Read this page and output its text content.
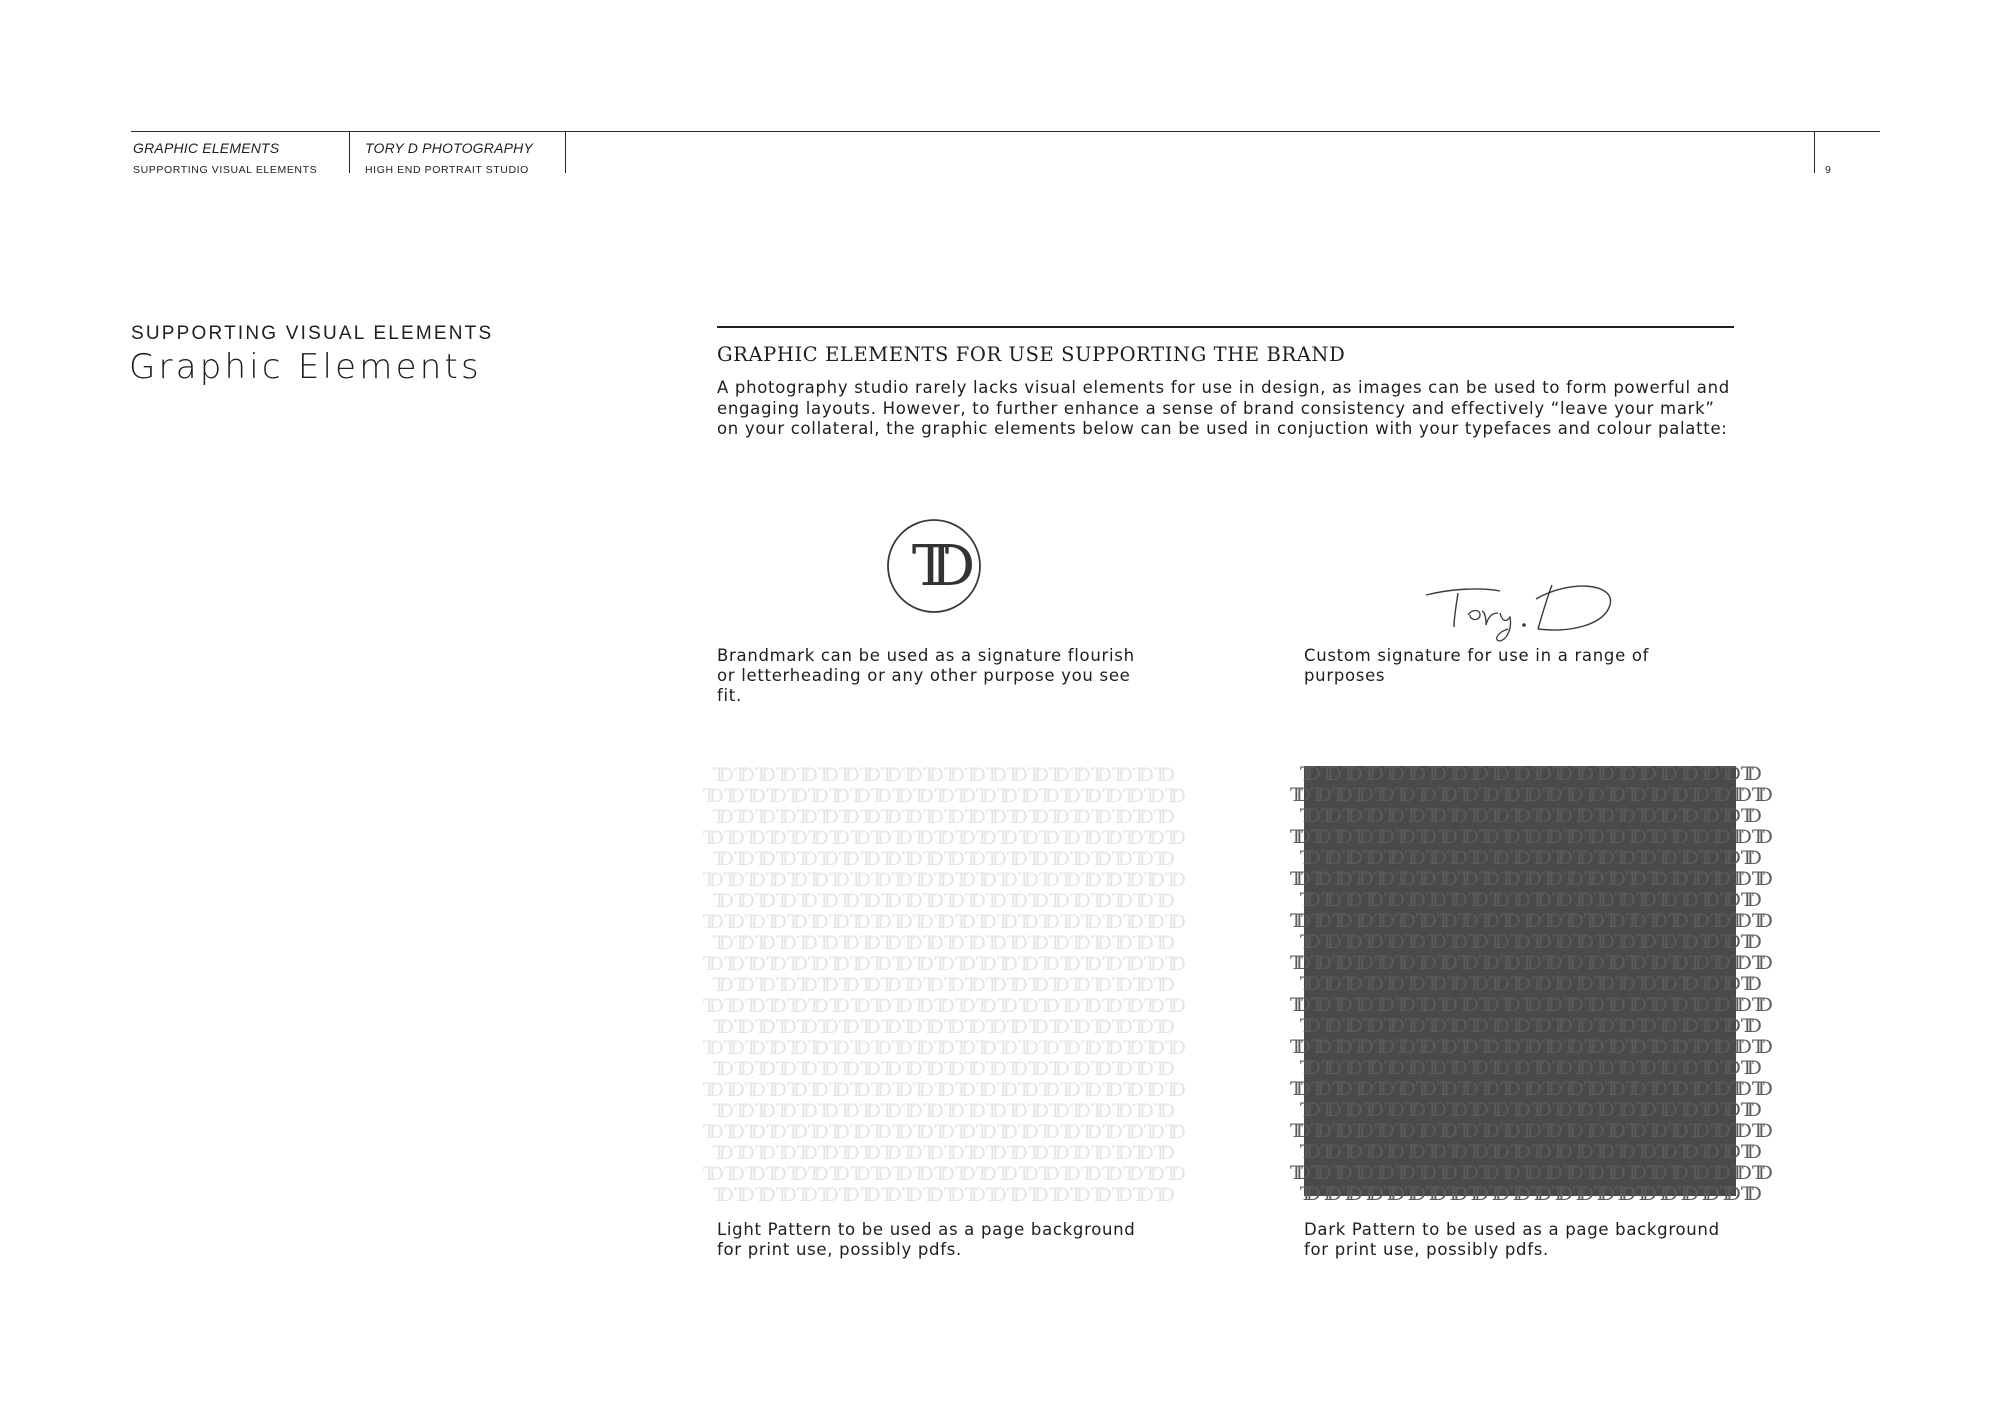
GRAPHIC ELEMENTS
SUPPORTING VISUAL ELEMENTS
TORY D PHOTOGRAPHY
HIGH END PORTRAIT STUDIO	9
SUPPORTING VISUAL ELEMENTS
Graphic Elements	GRAPHIC ELEMENTS FOR USE SUPPORTING THE BRAND
A photography studio rarely lacks visual elements for use in design, as images can be used to form powerful and engaging layouts. However, to further enhance a sense of brand consistency and effectively “leave your mark” on your collateral, the graphic elements below can be used in conjuction with your typefaces and colour palatte:
TD
Brandmark can be used as a signature flourish or letterheading or any other purpose you see fit.
Custom signature for use in a range of purposes
TD TD TD TD TD TD TD TD TD TD TD TD TD TD TD TD TD TD TD TD TD TD
TD TD TD TD TD TD TD TD TD TD TD TD TD TD TD TD TD TD TD TD TD TD TD
TD TD TD TD TD TD TD TD TD TD TD TD TD TD TD TD TD TD TD TD TD TD
TD TD TD TD TD TD TD TD TD TD TD TD TD TD TD TD TD TD TD TD TD TD TD
TD TD TD TD TD TD TD TD TD TD TD TD TD TD TD TD TD TD TD TD TD TD
TD TD TD TD TD TD TD TD TD TD TD TD TD TD TD TD TD TD TD TD TD TD TD
TD TD TD TD TD TD TD TD TD TD TD TD TD TD TD TD TD TD TD TD TD TD
TD TD TD TD TD TD TD TD TD TD TD TD TD TD TD TD TD TD TD TD TD TD TD
TD TD TD TD TD TD TD TD TD TD TD TD TD TD TD TD TD TD TD TD TD TD
TD TD TD TD TD TD TD TD TD TD TD TD TD TD TD TD TD TD TD TD TD TD TD
TD TD TD TD TD TD TD TD TD TD TD TD TD TD TD TD TD TD TD TD TD TD
TD TD TD TD TD TD TD TD TD TD TD TD TD TD TD TD TD TD TD TD TD TD TD
TD TD TD TD TD TD TD TD TD TD TD TD TD TD TD TD TD TD TD TD TD TD
TD TD TD TD TD TD TD TD TD TD TD TD TD TD TD TD TD TD TD TD TD TD TD
TD TD TD TD TD TD TD TD TD TD TD TD TD TD TD TD TD TD TD TD TD TD
TD TD TD TD TD TD TD TD TD TD TD TD TD TD TD TD TD TD TD TD TD TD TD
TD TD TD TD TD TD TD TD TD TD TD TD TD TD TD TD TD TD TD TD TD TD
TD TD TD TD TD TD TD TD TD TD TD TD TD TD TD TD TD TD TD TD TD TD TD
TD TD TD TD TD TD TD TD TD TD TD TD TD TD TD TD TD TD TD TD TD TD
TD TD TD TD TD TD TD TD TD TD TD TD TD TD TD TD TD TD TD TD TD TD TD
TD TD TD TD TD TD TD TD TD TD TD TD TD TD TD TD TD TD TD TD TD TD
Light Pattern to be used as a page background for print use, possibly pdfs.
TD TD TD TD TD TD TD TD TD TD TD TD TD TD TD TD TD TD TD TD TD TD
TD TD TD TD TD TD TD TD TD TD TD TD TD TD TD TD TD TD TD TD TD TD TD
TD TD TD TD TD TD TD TD TD TD TD TD TD TD TD TD TD TD TD TD TD TD
TD TD TD TD TD TD TD TD TD TD TD TD TD TD TD TD TD TD TD TD TD TD TD
TD TD TD TD TD TD TD TD TD TD TD TD TD TD TD TD TD TD TD TD TD TD
TD TD TD TD TD TD TD TD TD TD TD TD TD TD TD TD TD TD TD TD TD TD TD
TD TD TD TD TD TD TD TD TD TD TD TD TD TD TD TD TD TD TD TD TD TD
TD TD TD TD TD TD TD TD TD TD TD TD TD TD TD TD TD TD TD TD TD TD TD
TD TD TD TD TD TD TD TD TD TD TD TD TD TD TD TD TD TD TD TD TD TD
TD TD TD TD TD TD TD TD TD TD TD TD TD TD TD TD TD TD TD TD TD TD TD
TD TD TD TD TD TD TD TD TD TD TD TD TD TD TD TD TD TD TD TD TD TD
TD TD TD TD TD TD TD TD TD TD TD TD TD TD TD TD TD TD TD TD TD TD TD
TD TD TD TD TD TD TD TD TD TD TD TD TD TD TD TD TD TD TD TD TD TD
TD TD TD TD TD TD TD TD TD TD TD TD TD TD TD TD TD TD TD TD TD TD TD
TD TD TD TD TD TD TD TD TD TD TD TD TD TD TD TD TD TD TD TD TD TD
TD TD TD TD TD TD TD TD TD TD TD TD TD TD TD TD TD TD TD TD TD TD TD
TD TD TD TD TD TD TD TD TD TD TD TD TD TD TD TD TD TD TD TD TD TD
TD TD TD TD TD TD TD TD TD TD TD TD TD TD TD TD TD TD TD TD TD TD TD
TD TD TD TD TD TD TD TD TD TD TD TD TD TD TD TD TD TD TD TD TD TD
TD TD TD TD TD TD TD TD TD TD TD TD TD TD TD TD TD TD TD TD TD TD TD
TD TD TD TD TD TD TD TD TD TD TD TD TD TD TD TD TD TD TD TD TD TD
Dark Pattern to be used as a page background for print use, possibly pdfs.
